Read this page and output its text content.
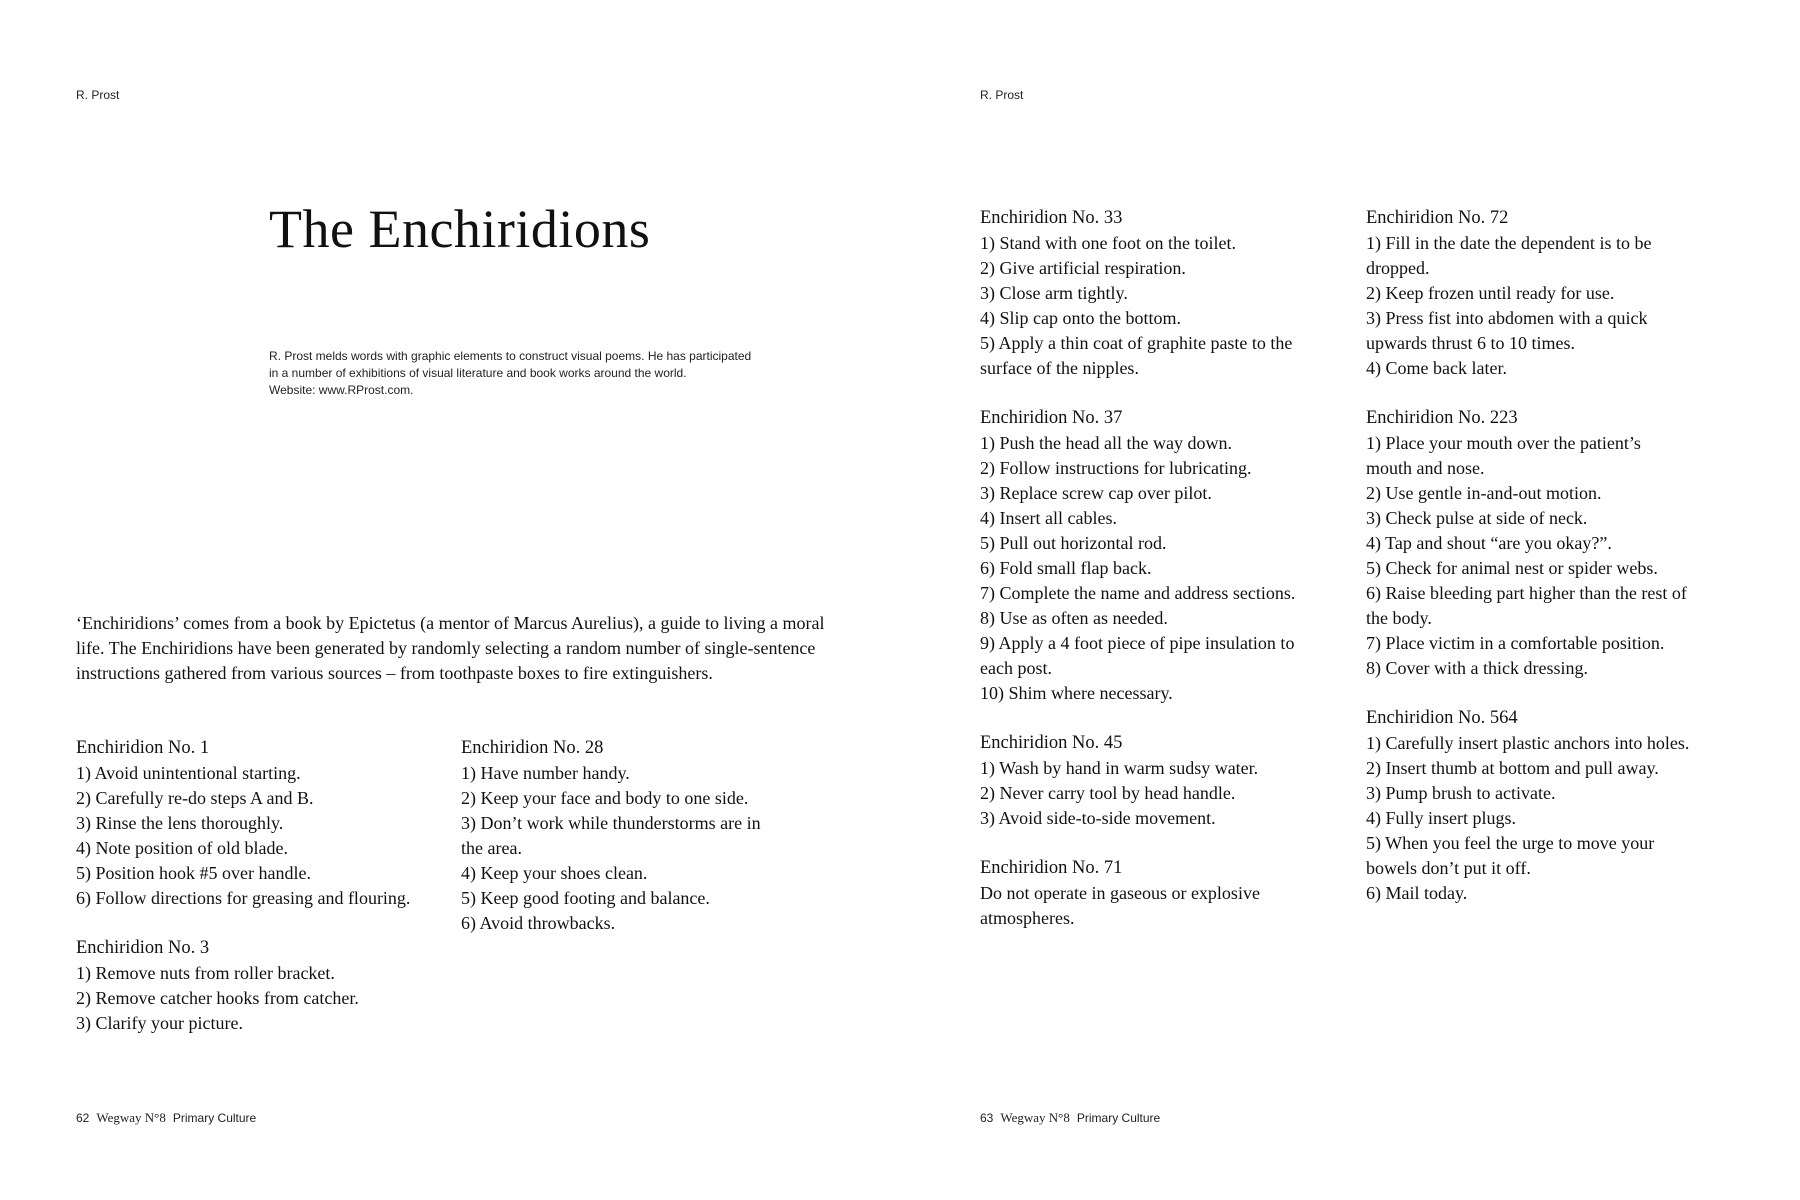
R. Prost
The Enchiridions
R. Prost melds words with graphic elements to construct visual poems. He has participated
in a number of exhibitions of visual literature and book works around the world.
Website: www.RProst.com.

‘Enchiridions’ comes from a book by Epictetus (a mentor of Marcus Aurelius), a guide to living a moral life. The Enchiridions have been generated by randomly selecting a random number of single-sentence instructions gathered from various sources – from toothpaste boxes to fire extinguishers.

Enchiridion No. 1
1) Avoid unintentional starting.
2) Carefully re-do steps A and B.
3) Rinse the lens thoroughly.
4) Note position of old blade.
5) Position hook #5 over handle.
6) Follow directions for greasing and flouring.
Enchiridion No. 3
1) Remove nuts from roller bracket.
2) Remove catcher hooks from catcher.
3) Clarify your picture.
Enchiridion No. 28
1) Have number handy.
2) Keep your face and body to one side.
3) Don’t work while thunderstorms are in
the area.
4) Keep your shoes clean.
5) Keep good footing and balance.
6) Avoid throwbacks.
62 Wegway N°8 Primary Culture
R. Prost
Enchiridion No. 33
1) Stand with one foot on the toilet.
2) Give artificial respiration.
3) Close arm tightly.
4) Slip cap onto the bottom.
5) Apply a thin coat of graphite paste to the
surface of the nipples.
Enchiridion No. 37
1) Push the head all the way down.
2) Follow instructions for lubricating.
3) Replace screw cap over pilot.
4) Insert all cables.
5) Pull out horizontal rod.
6) Fold small flap back.
7) Complete the name and address sections.
8) Use as often as needed.
9) Apply a 4 foot piece of pipe insulation to
each post.
10) Shim where necessary.
Enchiridion No. 45
1) Wash by hand in warm sudsy water.
2) Never carry tool by head handle.
3) Avoid side-to-side movement.
Enchiridion No. 71
Do not operate in gaseous or explosive
atmospheres.
Enchiridion No. 72
1) Fill in the date the dependent is to be
dropped.
2) Keep frozen until ready for use.
3) Press fist into abdomen with a quick
upwards thrust 6 to 10 times.
4) Come back later.
Enchiridion No. 223
1) Place your mouth over the patient’s
mouth and nose.
2) Use gentle in-and-out motion.
3) Check pulse at side of neck.
4) Tap and shout “are you okay?”.
5) Check for animal nest or spider webs.
6) Raise bleeding part higher than the rest of
the body.
7) Place victim in a comfortable position.
8) Cover with a thick dressing.
Enchiridion No. 564
1) Carefully insert plastic anchors into holes.
2) Insert thumb at bottom and pull away.
3) Pump brush to activate.
4) Fully insert plugs.
5) When you feel the urge to move your
bowels don’t put it off.
6) Mail today.
63 Wegway N°8 Primary Culture
